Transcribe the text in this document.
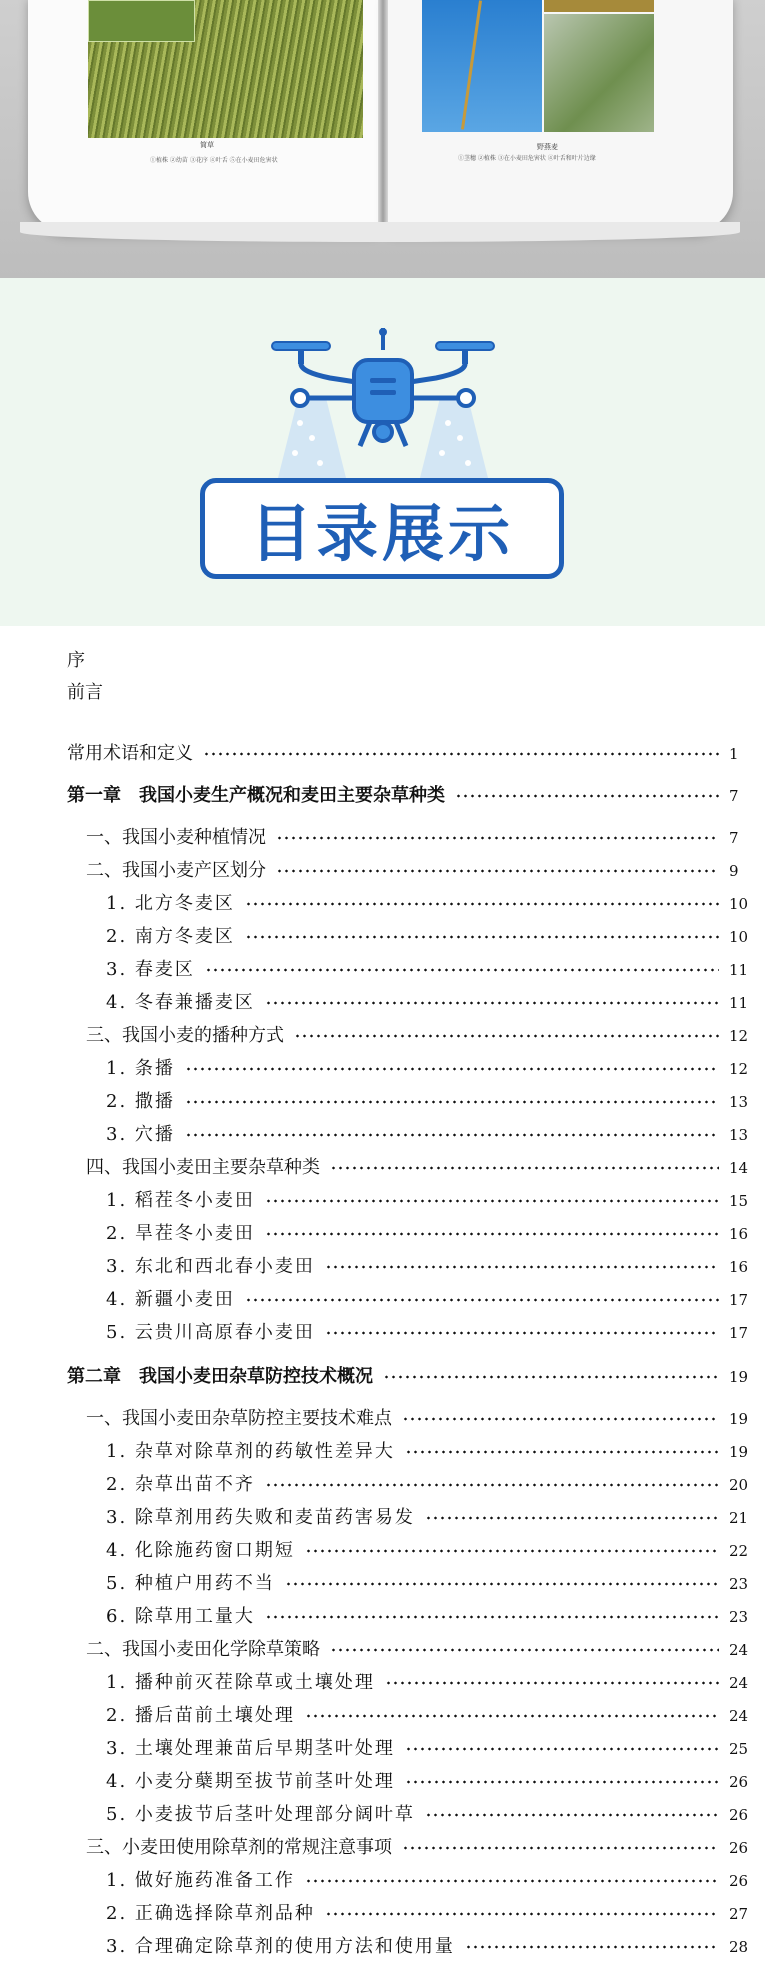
简草
①植株 ②幼苗 ③花序 ④叶舌 ⑤在小麦田危害状
野燕麦
①茎穗 ②植株 ③在小麦田危害状 ④叶舌和叶片边缘
目录展示
序
前言
常用术语和定义	1
第一章　我国小麦生产概况和麦田主要杂草种类	7
一、我国小麦种植情况	7
二、我国小麦产区划分	9
1. 北方冬麦区	10
2. 南方冬麦区	10
3. 春麦区	11
4. 冬春兼播麦区	11
三、我国小麦的播种方式	12
1. 条播	12
2. 撒播	13
3. 穴播	13
四、我国小麦田主要杂草种类	14
1. 稻茬冬小麦田	15
2. 旱茬冬小麦田	16
3. 东北和西北春小麦田	16
4. 新疆小麦田	17
5. 云贵川高原春小麦田	17
第二章　我国小麦田杂草防控技术概况	19
一、我国小麦田杂草防控主要技术难点	19
1. 杂草对除草剂的药敏性差异大	19
2. 杂草出苗不齐	20
3. 除草剂用药失败和麦苗药害易发	21
4. 化除施药窗口期短	22
5. 种植户用药不当	23
6. 除草用工量大	23
二、我国小麦田化学除草策略	24
1. 播种前灭茬除草或土壤处理	24
2. 播后苗前土壤处理	24
3. 土壤处理兼苗后早期茎叶处理	25
4. 小麦分蘖期至拔节前茎叶处理	26
5. 小麦拔节后茎叶处理部分阔叶草	26
三、小麦田使用除草剂的常规注意事项	26
1. 做好施药准备工作	26
2. 正确选择除草剂品种	27
3. 合理确定除草剂的使用方法和使用量	28
